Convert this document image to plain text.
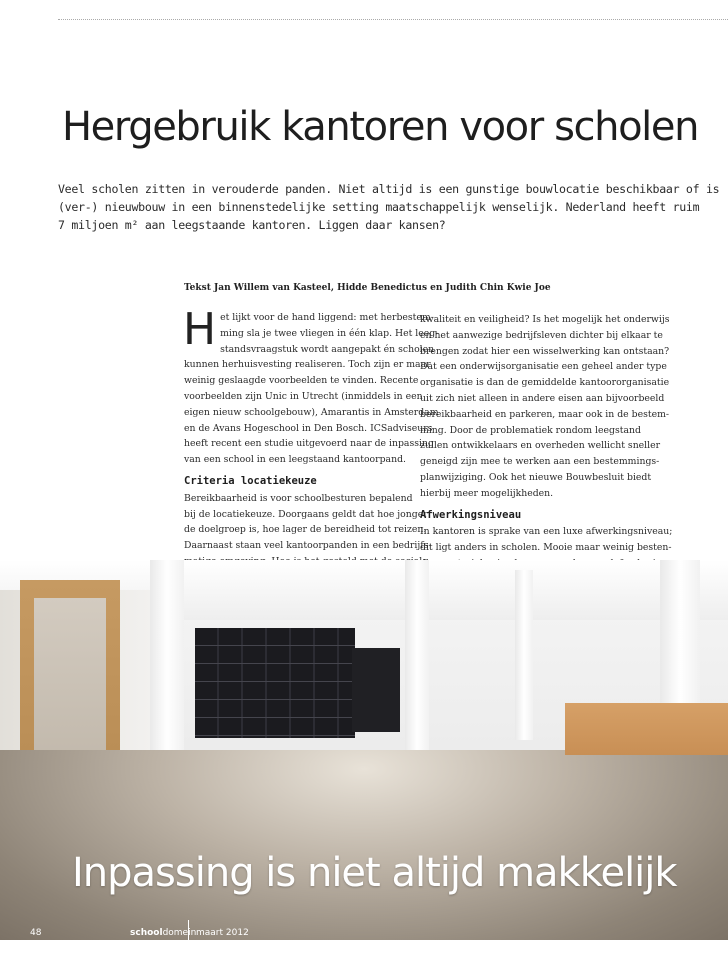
Hergebruik kantoren voor scholen
Veel scholen zitten in verouderde panden. Niet altijd is een gunstige bouwlocatie beschikbaar of is
(ver-) nieuwbouw in een binnenstedelijke setting maatschappelijk wenselijk. Nederland heeft ruim
7 miljoen m² aan leegstaande kantoren. Liggen daar kansen?
Tekst Jan Willem van Kasteel, Hidde Benedictus en Judith Chin Kwie Joe
H et lijkt voor de hand liggend: met herbestem-
ming sla je twee vliegen in één klap. Het leeg-
standsvraagstuk wordt aangepakt én scholen
kunnen herhuisvesting realiseren. Toch zijn er maar
weinig geslaagde voorbeelden te vinden. Recente
voorbeelden zijn Unic in Utrecht (inmiddels in een
eigen nieuw schoolgebouw), Amarantis in Amsterdam
en de Avans Hogeschool in Den Bosch. ICSadviseurs
heeft recent een studie uitgevoerd naar de inpassing
van een school in een leegstaand kantoorpand.

Criteria locatiekeuze

Bereikbaarheid is voor schoolbesturen bepalend
bij de locatiekeuze. Doorgaans geldt dat hoe jonger
de doelgroep is, hoe lager de bereidheid tot reizen.
Daarnaast staan veel kantoorpanden in een bedrijfs-
kwaliteit en veiligheid? Is het mogelijk het onderwijs
en het aanwezige bedrijfsleven dichter bij elkaar te
brengen zodat hier een wisselwerking kan ontstaan?
Dat een onderwijsorganisatie een geheel ander type
organisatie is dan de gemiddelde kantoororganisatie
uit zich niet alleen in andere eisen aan bijvoorbeeld
bereikbaarheid en parkeren, maar ook in de bestem-
ming. Door de problematiek rondom leegstand
zullen ontwikkelaars en overheden wellicht sneller
geneigd zijn mee te werken aan een bestemmings-
planwijziging. Ook het nieuwe Bouwbesluit biedt
hierbij meer mogelijkheden.

Afwerkingsniveau

In kantoren is sprake van een luxe afwerkingsniveau;
dit ligt anders in scholen. Mooie maar weinig besten-
Inpassing is niet altijd makkelijk
48	schooldomein maart 2012
